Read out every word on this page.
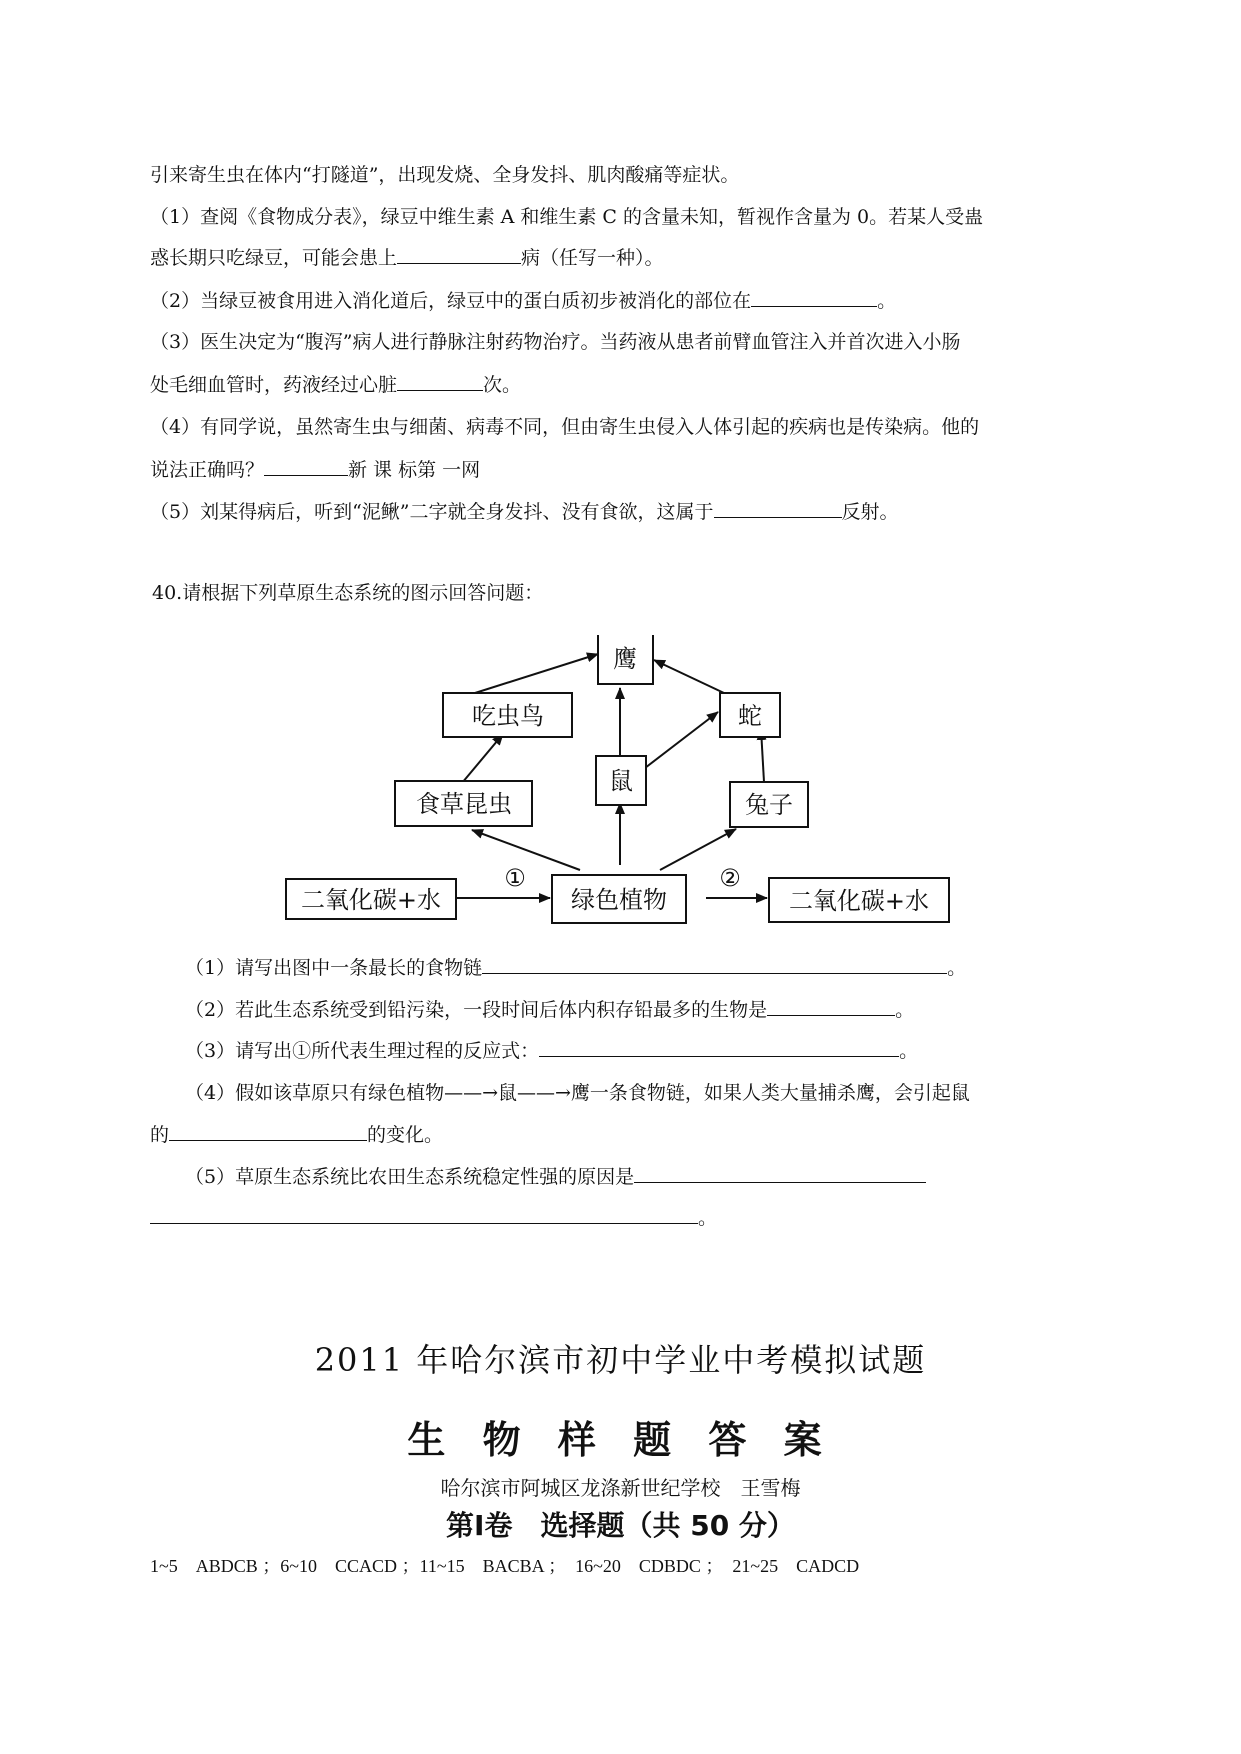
引来寄生虫在体内“打隧道”，出现发烧、全身发抖、肌肉酸痛等症状。
（1）查阅《食物成分表》，绿豆中维生素 A 和维生素 C 的含量未知，暂视作含量为 0。若某人受蛊
惑长期只吃绿豆，可能会患上	病（任写一种）。
（2）当绿豆被食用进入消化道后，绿豆中的蛋白质初步被消化的部位在	。
（3）医生决定为“腹泻”病人进行静脉注射药物治疗。当药液从患者前臂血管注入并首次进入小肠
处毛细血管时，药液经过心脏	次。
（4）有同学说，虽然寄生虫与细菌、病毒不同，但由寄生虫侵入人体引起的疾病也是传染病。他的
说法正确吗？	新 课 标第 一网
（5）刘某得病后，听到“泥鳅”二字就全身发抖、没有食欲，这属于	反射。
40.请根据下列草原生态系统的图示回答问题：
鹰
吃虫鸟	蛇
鼠
食草昆虫	兔子
绿色植物
二氧化碳+水	二氧化碳+水
①	②
（1）请写出图中一条最长的食物链	。
（2）若此生态系统受到铅污染，一段时间后体内积存铅最多的生物是	。
（3）请写出①所代表生理过程的反应式：	。
（4）假如该草原只有绿色植物——→鼠——→鹰一条食物链，如果人类大量捕杀鹰，会引起鼠
的	的变化。
（5）草原生态系统比农田生态系统稳定性强的原因是
。
2011 年哈尔滨市初中学业中考模拟试题
生 物 样 题 答 案
哈尔滨市阿城区龙涤新世纪学校　王雪梅
第Ⅰ卷　选择题（共 50 分）
1~5　ABDCB ；6~10　CCACD ；11~15　BACBA ；　16~20　CDBDC ；　21~25　CADCD
